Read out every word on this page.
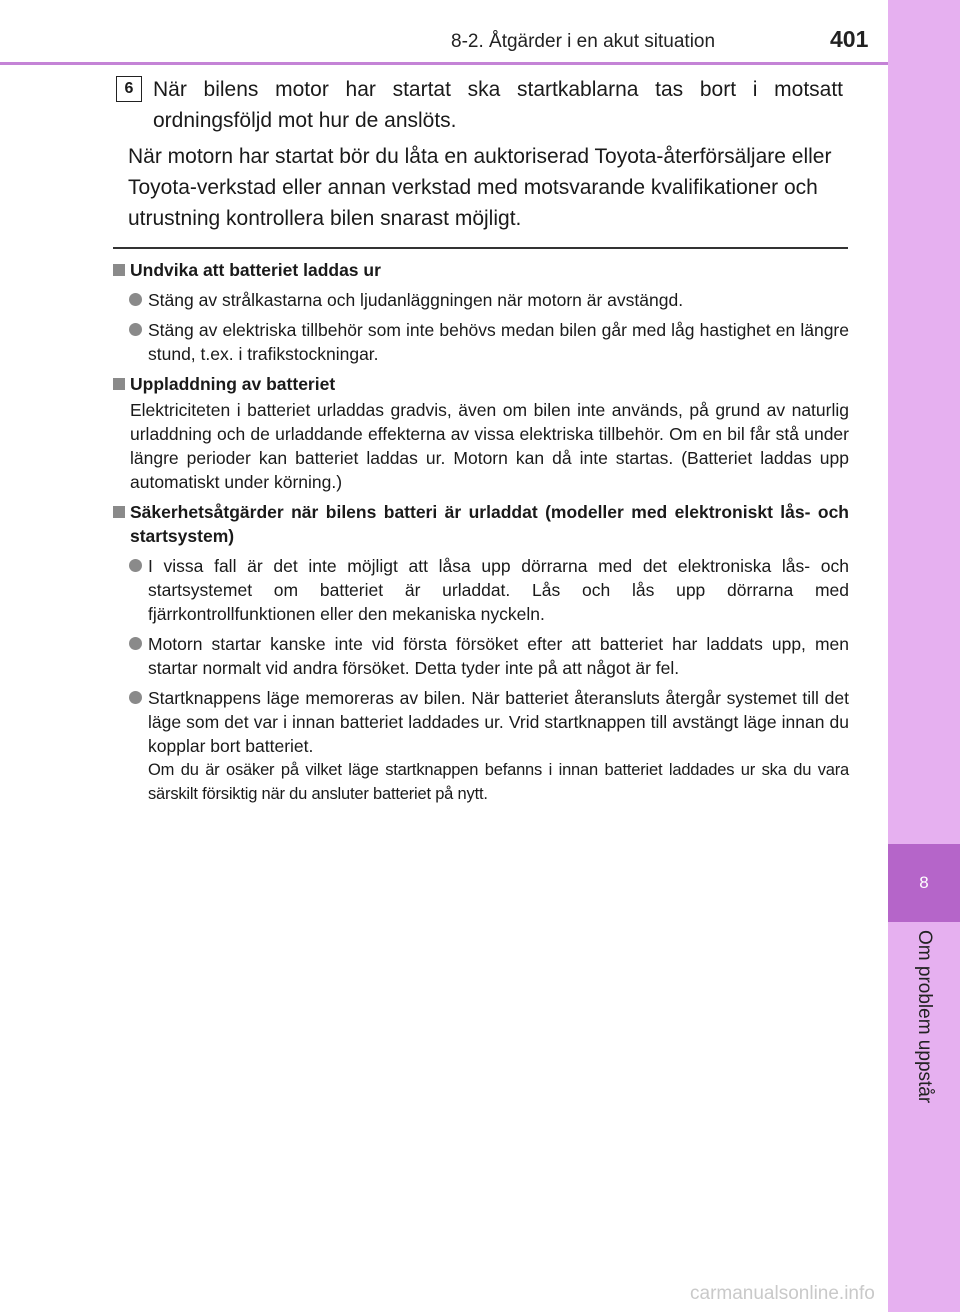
8
Om problem uppstår
8-2. Åtgärder i en akut situation	401
6 När bilens motor har startat ska startkablarna tas bort i motsatt ordningsföljd mot hur de anslöts.
När motorn har startat bör du låta en auktoriserad Toyota-återförsäljare eller Toyota-verkstad eller annan verkstad med motsvarande kvalifikationer och utrustning kontrollera bilen snarast möjligt.
Undvika att batteriet laddas ur
Stäng av strålkastarna och ljudanläggningen när motorn är avstängd.
Stäng av elektriska tillbehör som inte behövs medan bilen går med låg hastighet en längre stund, t.ex. i trafikstockningar.
Uppladdning av batteriet
Elektriciteten i batteriet urladdas gradvis, även om bilen inte används, på grund av naturlig urladdning och de urladdande effekterna av vissa elektriska tillbehör. Om en bil får stå under längre perioder kan batteriet laddas ur. Motorn kan då inte startas. (Batteriet laddas upp automatiskt under körning.)
Säkerhetsåtgärder när bilens batteri är urladdat (modeller med elektroniskt lås- och startsystem)
I vissa fall är det inte möjligt att låsa upp dörrarna med det elektroniska lås- och startsystemet om batteriet är urladdat. Lås och lås upp dörrarna med fjärrkontrollfunktionen eller den mekaniska nyckeln.
Motorn startar kanske inte vid första försöket efter att batteriet har laddats upp, men startar normalt vid andra försöket. Detta tyder inte på att något är fel.
Startknappens läge memoreras av bilen. När batteriet återansluts återgår systemet till det läge som det var i innan batteriet laddades ur. Vrid startknappen till avstängt läge innan du kopplar bort batteriet.
Om du är osäker på vilket läge startknappen befanns i innan batteriet laddades ur ska du vara särskilt försiktig när du ansluter batteriet på nytt.
carmanualsonline.info
